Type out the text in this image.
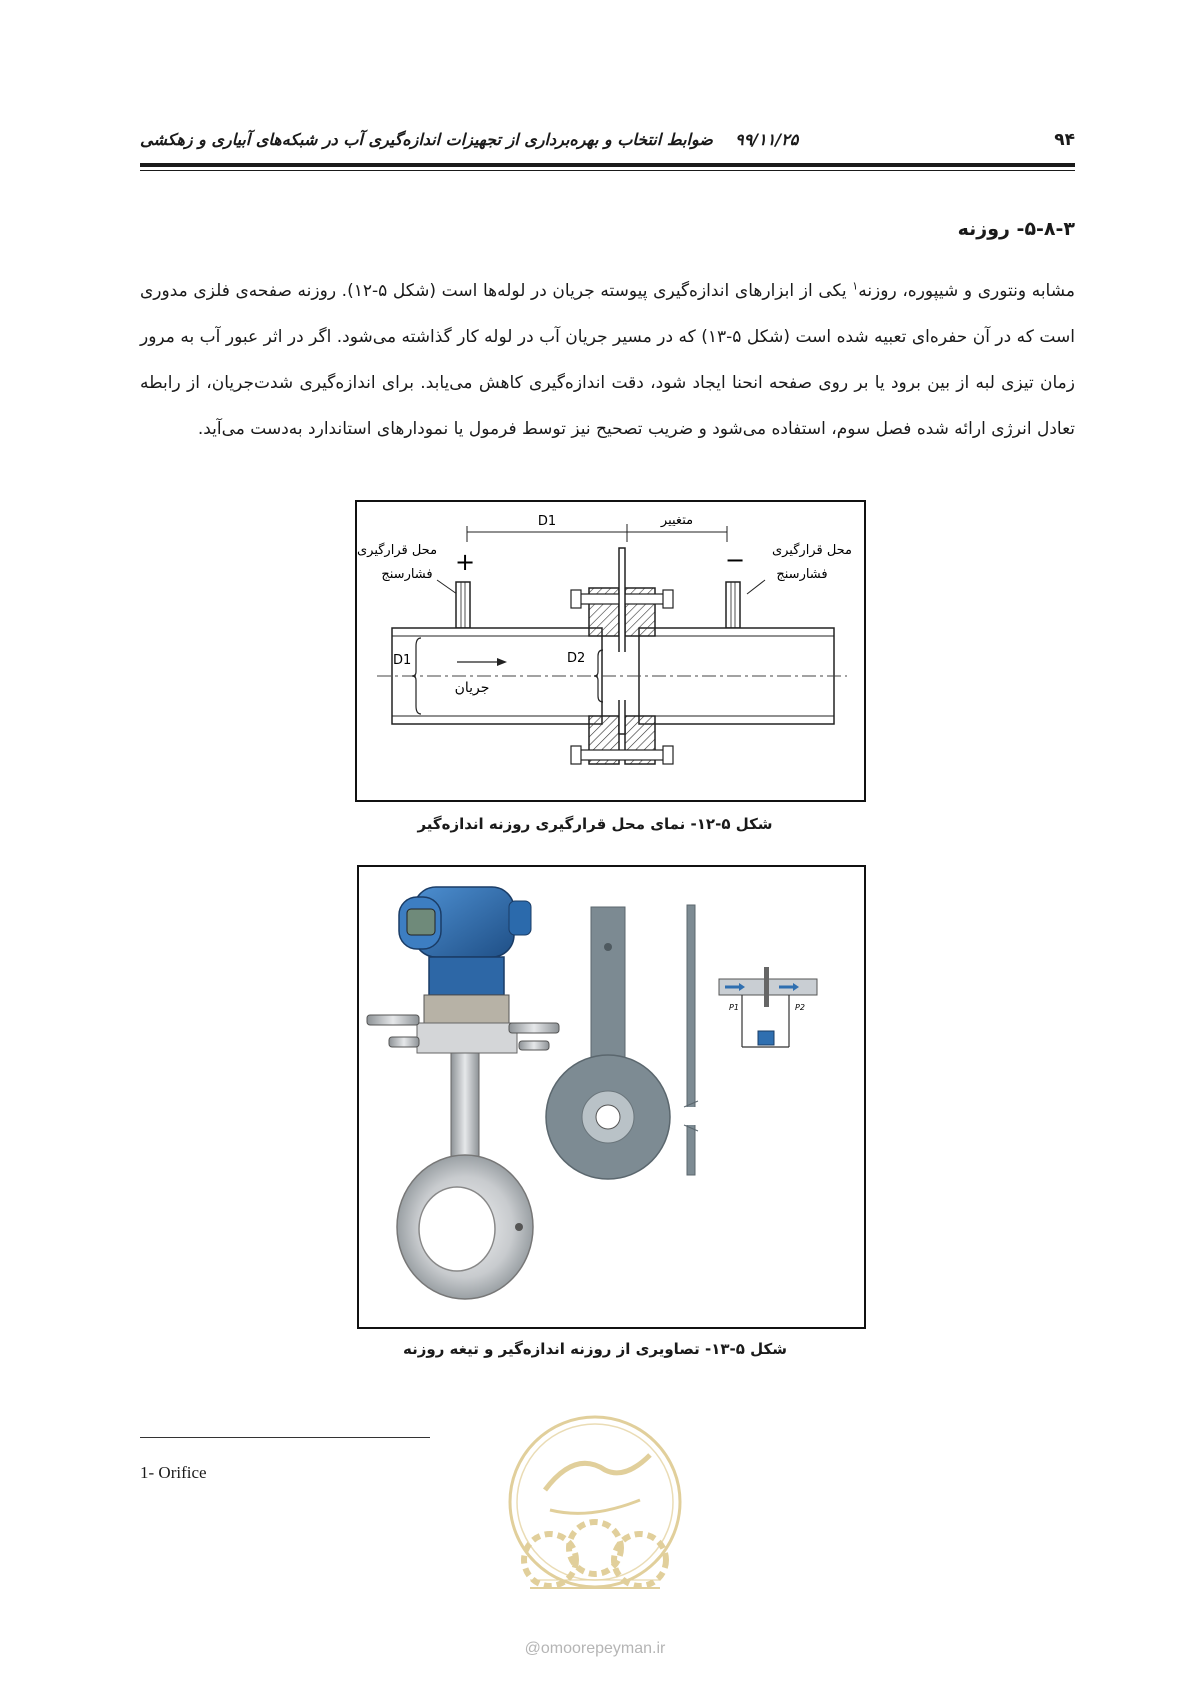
۹۴
۹۹/۱۱/۲۵    ضوابط انتخاب و بهره‌برداری از تجهیزات اندازه‌گیری آب در شبکه‌های آبیاری و زهکشی
۵-۸-۳- روزنه
مشابه ونتوری و شیپوره، روزنه$^۱$ یکی از ابزارهای اندازه‌گیری پیوسته جریان در لوله‌ها است (شکل ۵-۱۲). روزنه صفحه‌ی فلزی مدوری است که در آن حفره‌ای تعبیه شده است (شکل ۵-۱۳) که در مسیر جریان آب در لوله کار گذاشته می‌شود. اگر در اثر عبور آب به مرور زمان تیزی لبه از بین برود یا بر روی صفحه انحنا ایجاد شود، دقت اندازه‌گیری کاهش می‌یابد. برای اندازه‌گیری شدت‌جریان، از رابطه تعادل انرژی ارائه شده فصل سوم، استفاده می‌شود و ضریب تصحیح نیز توسط فرمول یا نمودارهای استاندارد به‌دست می‌آید.
D1	متغییر
محل قرارگیری
فشارسنج +	محل قرارگیری
فشارسنج
−
D1	D2
جریان
شکل ۵-۱۲- نمای محل قرارگیری روزنه اندازه‌گیر
P1	P2
شکل ۵-۱۳- تصاویری از روزنه اندازه‌گیر و تیغه روزنه
1- Orifice
@omoorepeyman.ir
